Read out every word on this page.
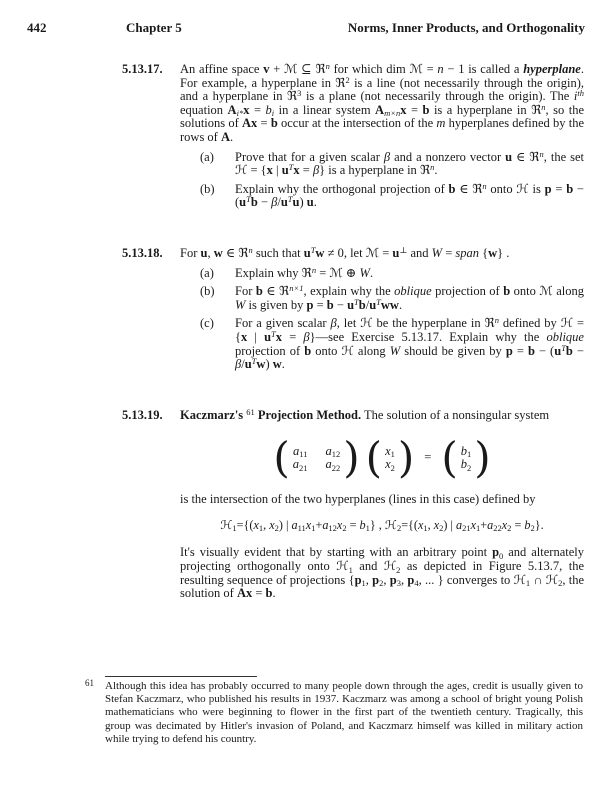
442	Chapter 5	Norms, Inner Products, and Orthogonality
5.13.17.	An affine space v + ℳ ⊆ ℜ$^n$ for which dim ℳ = n − 1 is called a hyperplane. For example, a hyperplane in ℜ$^2$ is a line (not necessarily through the origin), and a hyperplane in ℜ$^3$ is a plane (not necessarily through the origin). The $i^{th}$ equation $A_{i*}x = b_i$ in a linear system $A_{m\times n}x = b$ is a hyperplane in ℜ$^n$, so the solutions of Ax = b occur at the intersection of the m hyperplanes defined by the rows of A.

(a)	Prove that for a given scalar β and a nonzero vector u ∈ ℜ$^n$, the set ℋ = {x | $u^Tx = \beta$} is a hyperplane in ℜ$^n$.
(b)	Explain why the orthogonal projection of b ∈ ℜ$^n$ onto ℋ is $p = b - (u^Tb - \beta/u^Tu)$ u.
5.13.18.	For u, w ∈ ℜ$^n$ such that $u^Tw \ne 0$, let ℳ = u⊥ and W = span {w} .

(a)	Explain why ℜ$^n$ = ℳ ⊕ W.
(b)	For b ∈ ℜ$^{n\times 1}$, explain why the oblique projection of b onto ℳ along W is given by $p = b - u^Tb/u^Tww$.
(c)	For a given scalar β, let ℋ be the hyperplane in ℜ$^n$ defined by ℋ = {x | $u^Tx$ = β}—see Exercise 5.13.17. Explain why the oblique projection of b onto ℋ along W should be given by $p = b - (u^Tb - \beta/u^Tw)$ w.
5.13.19.	Kaczmarz's $^{61}$ Projection Method. The solution of a nonsingular system

( $a_{11}$ $a_{12}$
$a_{21}$ $a_{22}$ ) ( $x_1$
$x_2$ ) = ( $b_1$
$b_2$ )

is the intersection of the two hyperplanes (lines in this case) defined by

$ℋ_1=\{(x_1$, $x_2$) | $a_{11}x_1+a_{12}x_2 = b_1$} , $ℋ_2=\{(x_1$, $x_2$) | $a_{21}x_1+a_{22}x_2 = b_2$}.

It's visually evident that by starting with an arbitrary point $p_0$ and alternately projecting orthogonally onto ℋ$_1$ and ℋ$_2$ as depicted in Figure 5.13.7, the resulting sequence of projections {$p_1$, $p_2$, $p_3$, $p_4$, ... } converges to ℋ$_1$ ∩ ℋ$_2$, the solution of Ax = b.

61	Although this idea has probably occurred to many people down through the ages, credit is usually given to Stefan Kaczmarz, who published his results in 1937. Kaczmarz was among a school of bright young Polish mathematicians who were beginning to flower in the first part of the twentieth century. Tragically, this group was decimated by Hitler's invasion of Poland, and Kaczmarz himself was killed in military action while trying to defend his country.
